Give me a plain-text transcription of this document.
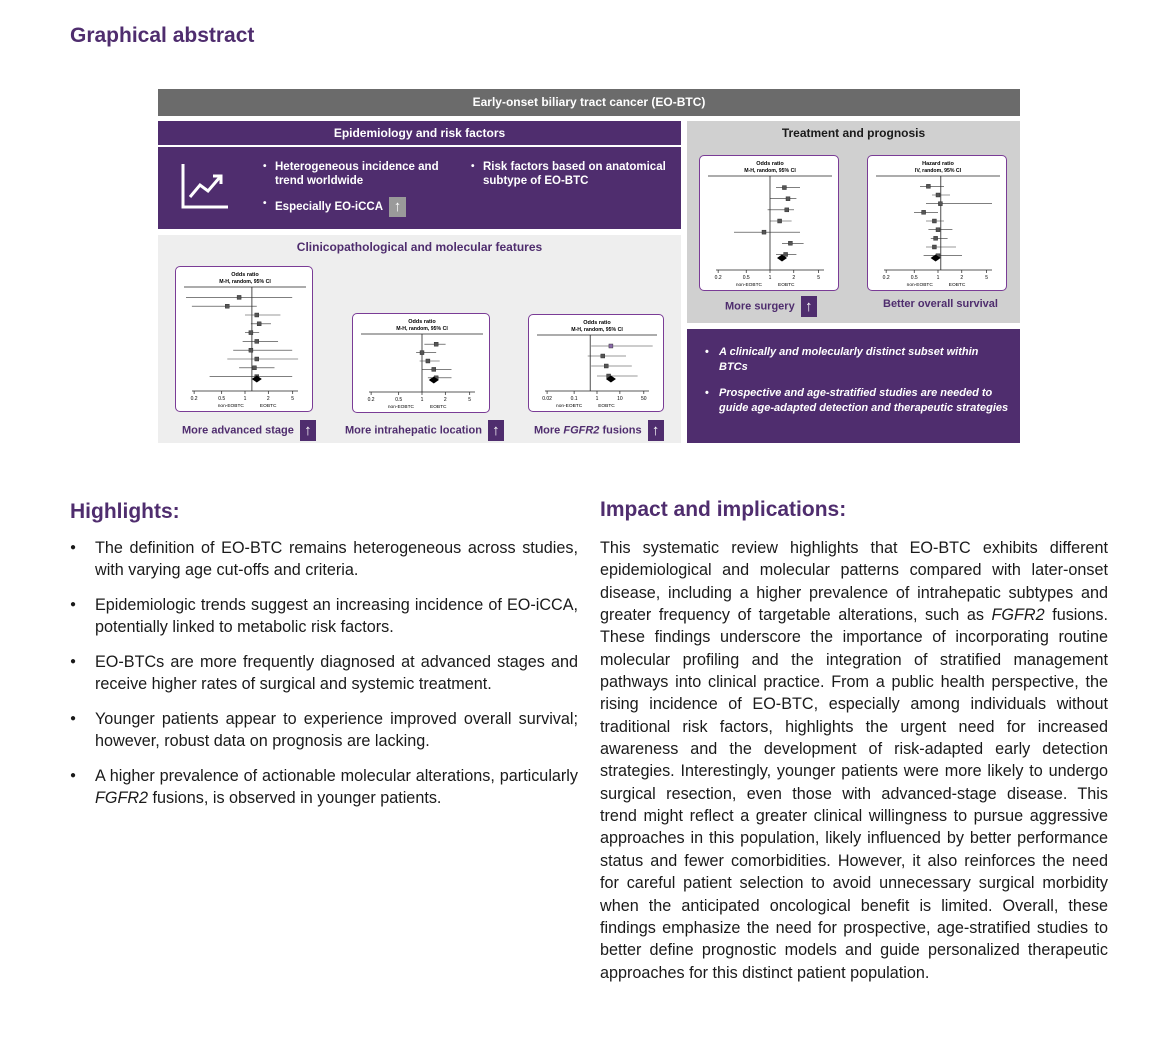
Graphical abstract
Early-onset biliary tract cancer (EO-BTC)
Epidemiology and risk factors
• Heterogeneous incidence and trend worldwide
• Especially EO-iCCA ↑
• Risk factors based on anatomical subtype of EO-BTC
Clinicopathological and molecular features
Odds ratio
M-H, random, 95% CI
0.2	0.5	1	2	5
non-EOBTC	EOBTC
More advanced stage ↑
Odds ratio
M-H, random, 95% CI
0.2	0.5	1	2	5
non-EOBTC	EOBTC
More intrahepatic location ↑
Odds ratio
M-H, random, 95% CI
0.02	0.1	1	10	50
non-EOBTC	EOBTC
More FGFR2 fusions ↑
Treatment and prognosis
Odds ratio
M-H, random, 95% CI
0.2	0.5	1	2	5
non-EOBTC	EOBTC
More surgery ↑
Hazard ratio
IV, random, 95% CI
0.2	0.5	1	2	5
non-EOBTC	EOBTC
Better overall survival
• A clinically and molecularly distinct subset within BTCs
• Prospective and age-stratified studies are needed to guide age-adapted detection and therapeutic strategies
Highlights:
● The definition of EO-BTC remains heterogeneous across studies, with varying age cut-offs and criteria.
● Epidemiologic trends suggest an increasing incidence of EO-iCCA, potentially linked to metabolic risk factors.
● EO-BTCs are more frequently diagnosed at advanced stages and receive higher rates of surgical and systemic treatment.
● Younger patients appear to experience improved overall survival; however, robust data on prognosis are lacking.
● A higher prevalence of actionable molecular alterations, particularly FGFR2 fusions, is observed in younger patients.
Impact and implications:

This systematic review highlights that EO-BTC exhibits different epidemiological and molecular patterns compared with later-onset disease, including a higher prevalence of intrahepatic subtypes and greater frequency of targetable alterations, such as FGFR2 fusions. These findings underscore the importance of incorporating routine molecular profiling and the integration of stratified management pathways into clinical practice. From a public health perspective, the rising incidence of EO-BTC, especially among individuals without traditional risk factors, highlights the urgent need for increased awareness and the development of risk-adapted early detection strategies. Interestingly, younger patients were more likely to undergo surgical resection, even those with advanced-stage disease. This trend might reflect a greater clinical willingness to pursue aggressive approaches in this population, likely influenced by better performance status and fewer comorbidities. However, it also reinforces the need for careful patient selection to avoid unnecessary surgical morbidity when the anticipated oncological benefit is limited. Overall, these findings emphasize the need for prospective, age-stratified studies to better define prognostic models and guide personalized therapeutic approaches for this distinct patient population.
